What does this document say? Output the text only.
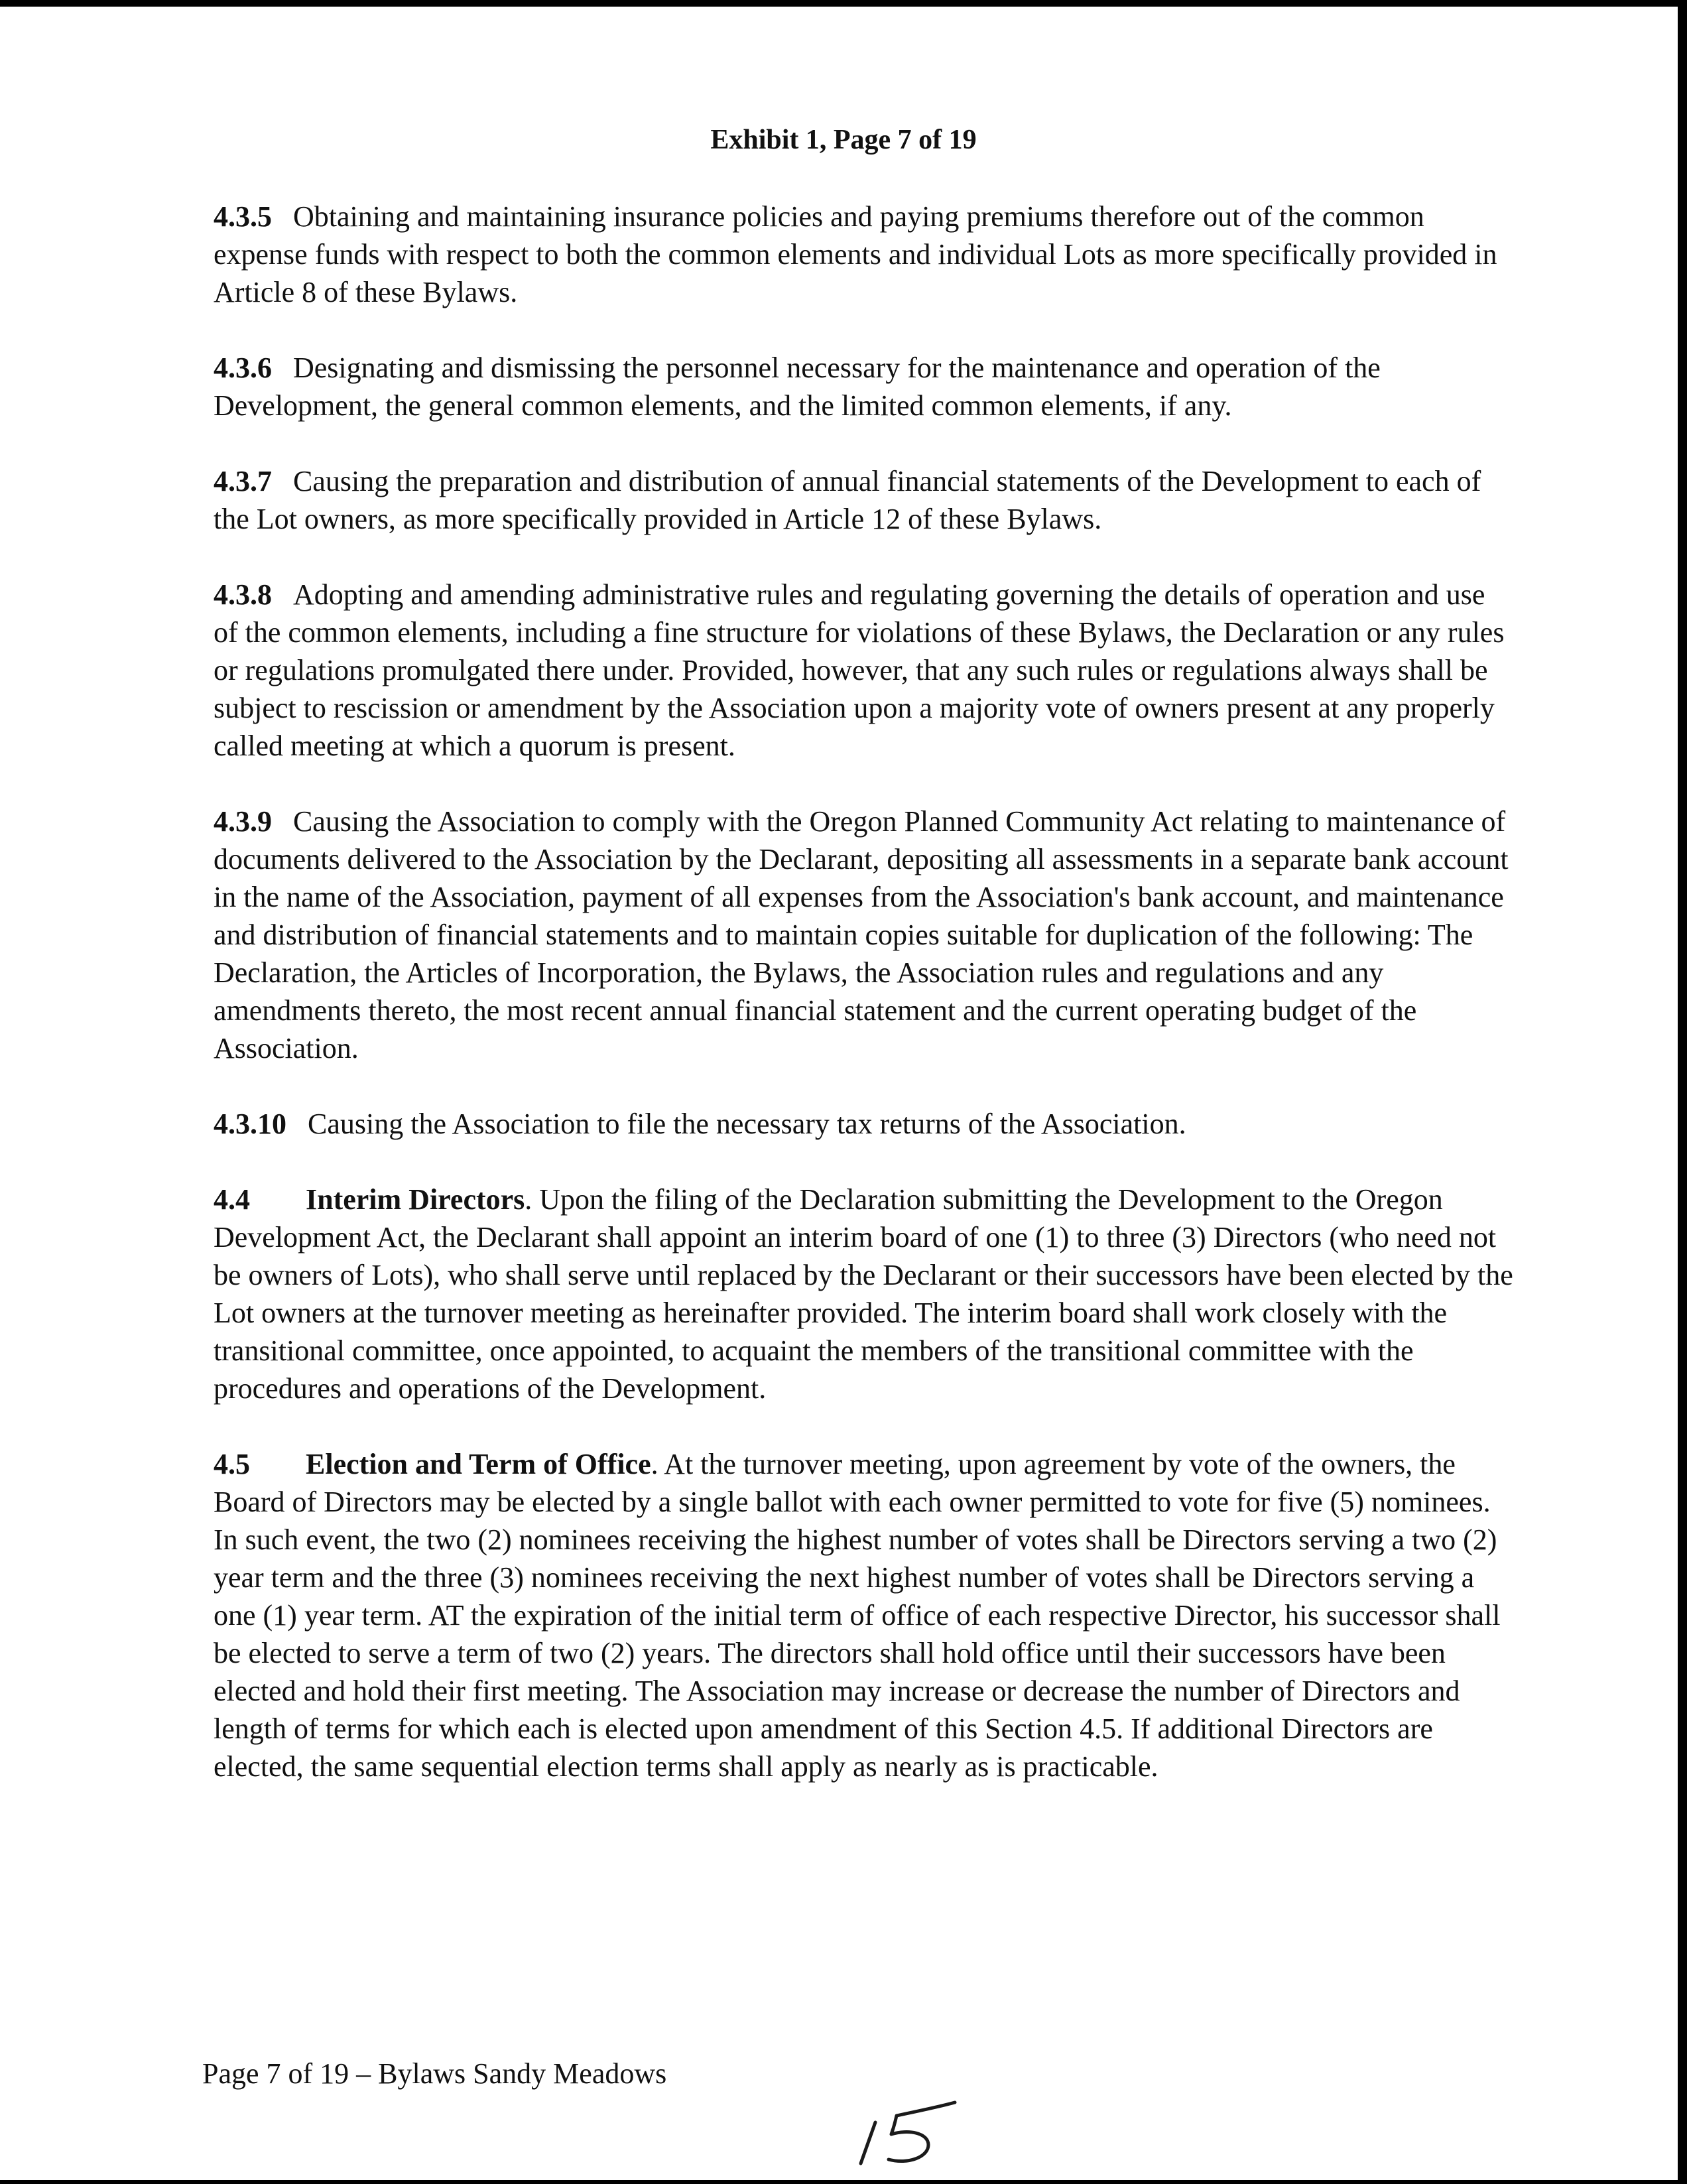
Exhibit 1, Page 7 of 19

4.3.5 Obtaining and maintaining insurance policies and paying premiums therefore out of the common expense funds with respect to both the common elements and individual Lots as more specifically provided in Article 8 of these Bylaws.

4.3.6 Designating and dismissing the personnel necessary for the maintenance and operation of the Development, the general common elements, and the limited common elements, if any.

4.3.7 Causing the preparation and distribution of annual financial statements of the Development to each of the Lot owners, as more specifically provided in Article 12 of these Bylaws.

4.3.8 Adopting and amending administrative rules and regulating governing the details of operation and use of the common elements, including a fine structure for violations of these Bylaws, the Declaration or any rules or regulations promulgated there under. Provided, however, that any such rules or regulations always shall be subject to rescission or amendment by the Association upon a majority vote of owners present at any properly called meeting at which a quorum is present.

4.3.9 Causing the Association to comply with the Oregon Planned Community Act relating to maintenance of documents delivered to the Association by the Declarant, depositing all assessments in a separate bank account in the name of the Association, payment of all expenses from the Association's bank account, and maintenance and distribution of financial statements and to maintain copies suitable for duplication of the following: The Declaration, the Articles of Incorporation, the Bylaws, the Association rules and regulations and any amendments thereto, the most recent annual financial statement and the current operating budget of the Association.

4.3.10 Causing the Association to file the necessary tax returns of the Association.

4.4 Interim Directors. Upon the filing of the Declaration submitting the Development to the Oregon Development Act, the Declarant shall appoint an interim board of one (1) to three (3) Directors (who need not be owners of Lots), who shall serve until replaced by the Declarant or their successors have been elected by the Lot owners at the turnover meeting as hereinafter provided. The interim board shall work closely with the transitional committee, once appointed, to acquaint the members of the transitional committee with the procedures and operations of the Development.

4.5 Election and Term of Office. At the turnover meeting, upon agreement by vote of the owners, the Board of Directors may be elected by a single ballot with each owner permitted to vote for five (5) nominees. In such event, the two (2) nominees receiving the highest number of votes shall be Directors serving a two (2) year term and the three (3) nominees receiving the next highest number of votes shall be Directors serving a one (1) year term. AT the expiration of the initial term of office of each respective Director, his successor shall be elected to serve a term of two (2) years. The directors shall hold office until their successors have been elected and hold their first meeting. The Association may increase or decrease the number of Directors and length of terms for which each is elected upon amendment of this Section 4.5. If additional Directors are elected, the same sequential election terms shall apply as nearly as is practicable.

Page 7 of 19 – Bylaws Sandy Meadows
